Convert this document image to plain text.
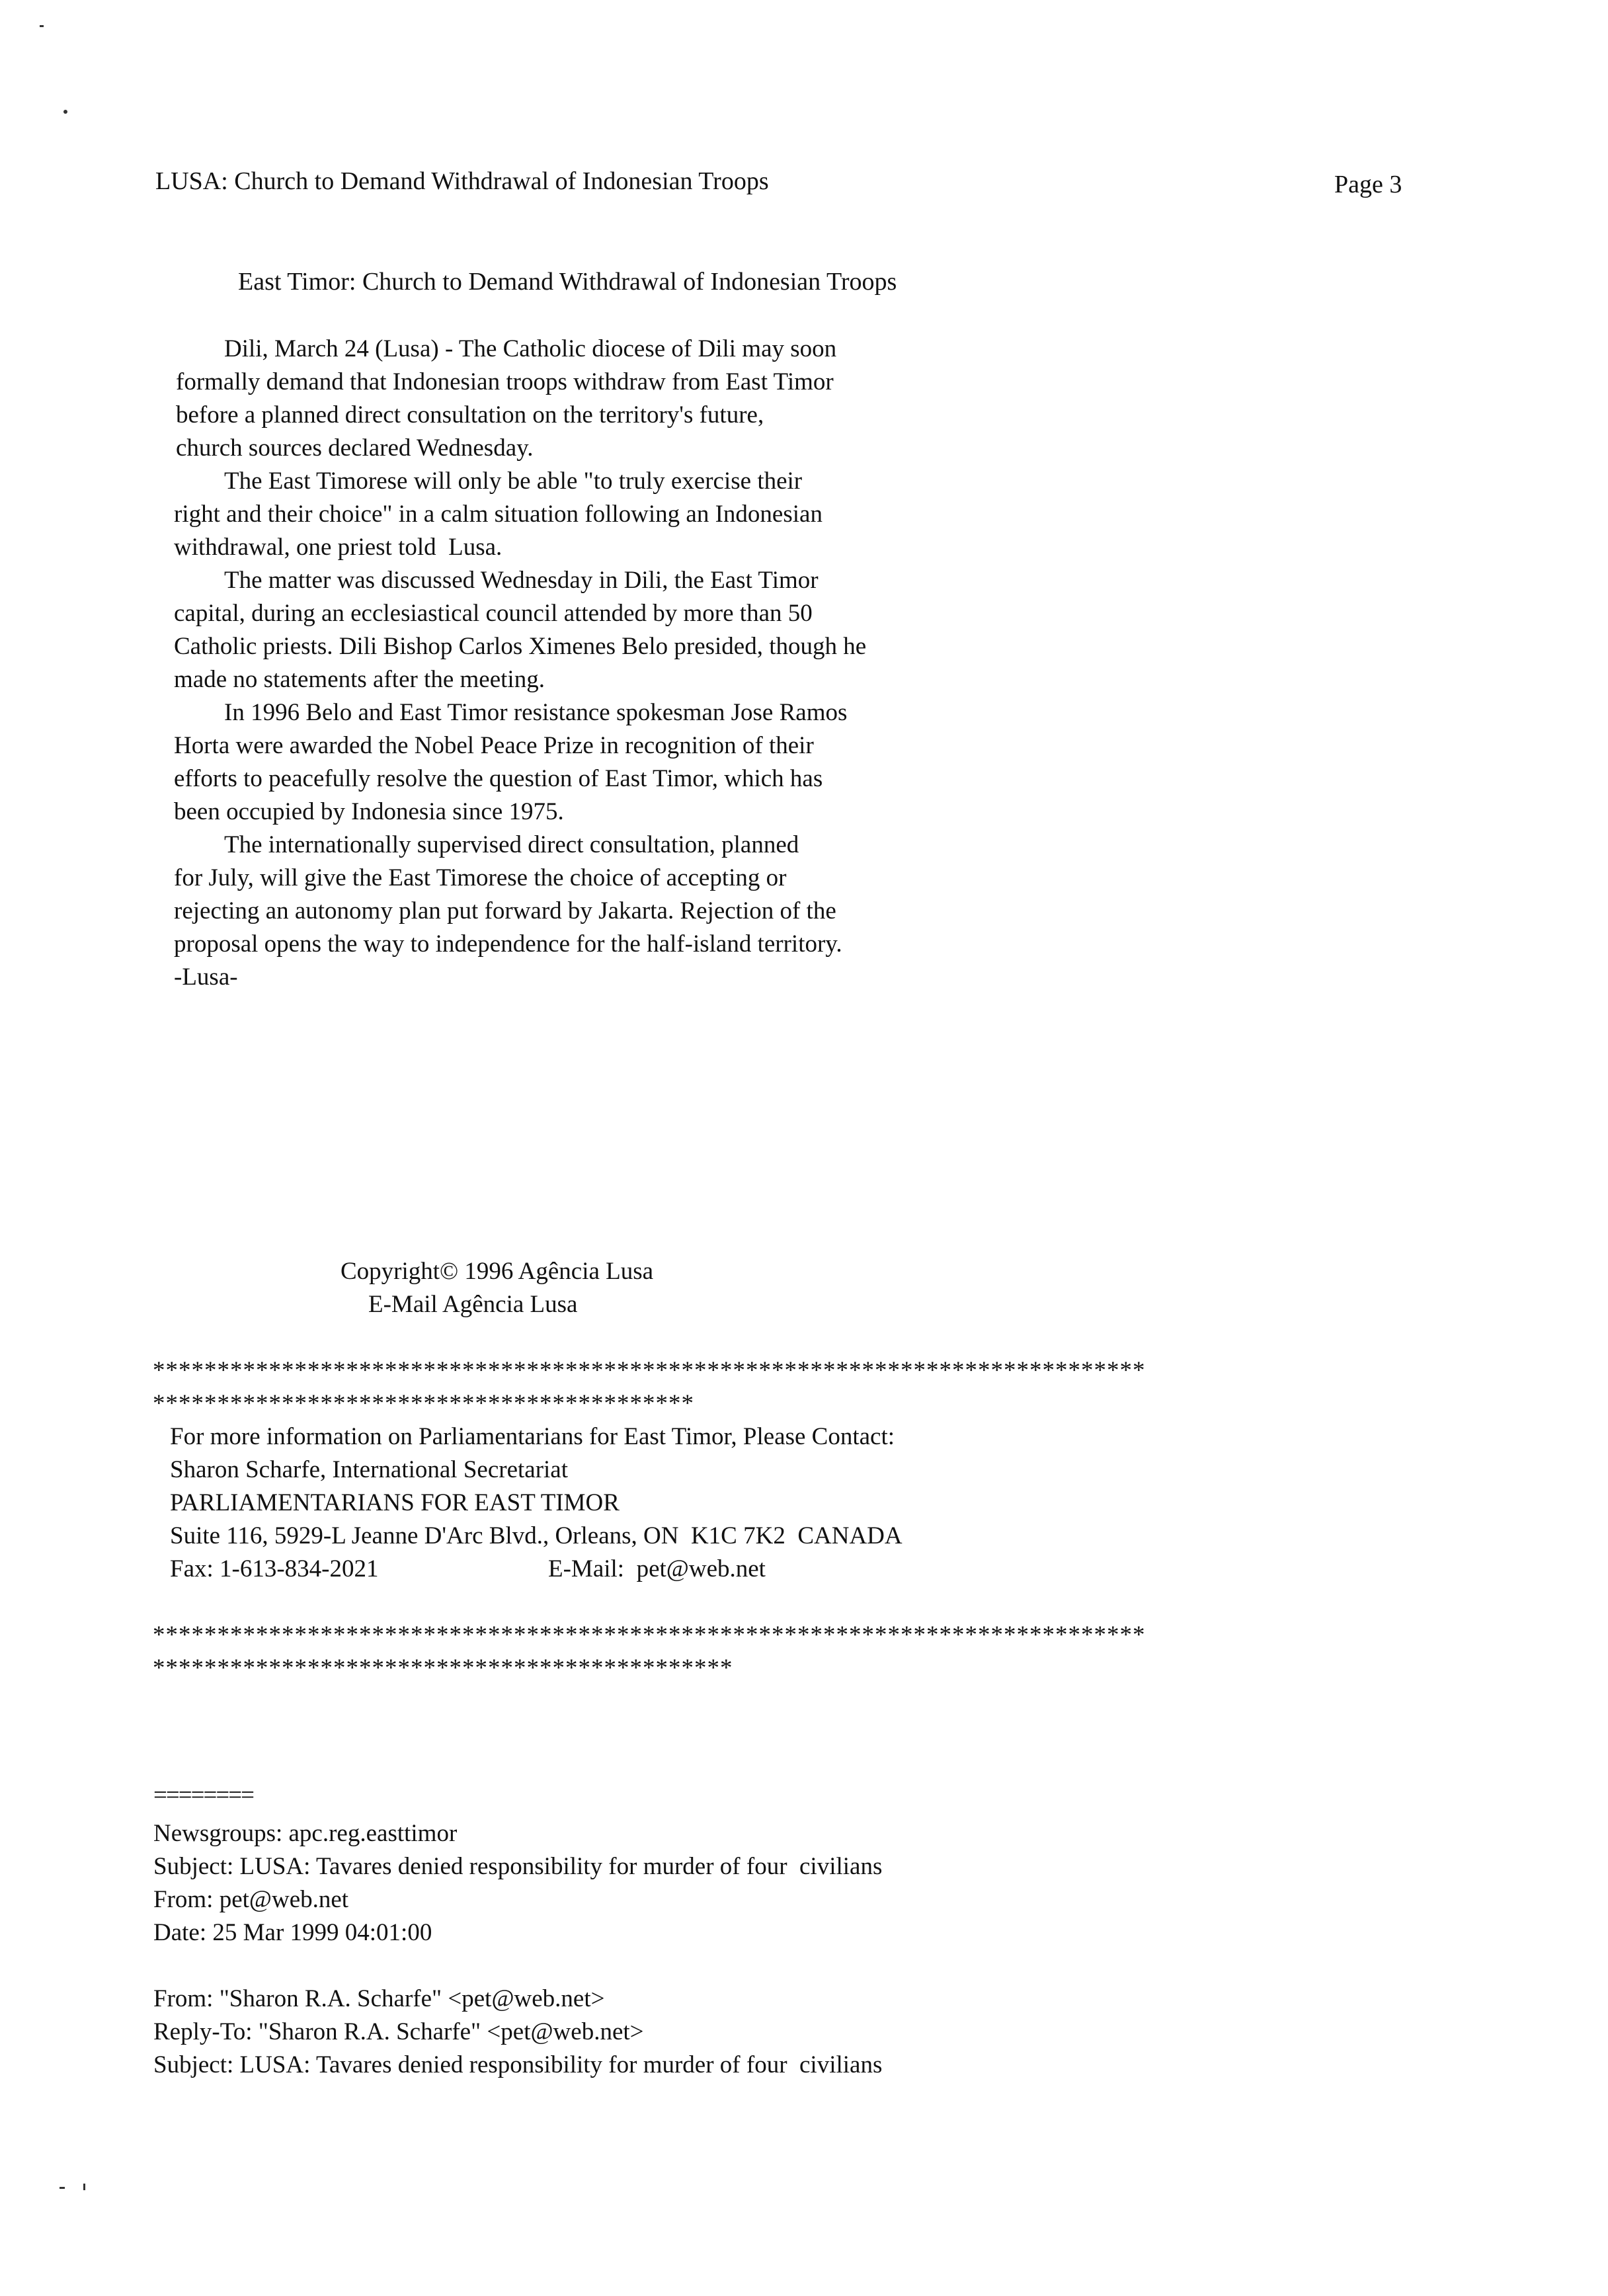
LUSA: Church to Demand Withdrawal of Indonesian Troops	Page 3
East Timor: Church to Demand Withdrawal of Indonesian Troops
Dili, March 24 (Lusa) - The Catholic diocese of Dili may soon
formally demand that Indonesian troops withdraw from East Timor
before a planned direct consultation on the territory's future,
church sources declared Wednesday.
The East Timorese will only be able "to truly exercise their
right and their choice" in a calm situation following an Indonesian
withdrawal, one priest told  Lusa.
The matter was discussed Wednesday in Dili, the East Timor
capital, during an ecclesiastical council attended by more than 50
Catholic priests. Dili Bishop Carlos Ximenes Belo presided, though he
made no statements after the meeting.
In 1996 Belo and East Timor resistance spokesman Jose Ramos
Horta were awarded the Nobel Peace Prize in recognition of their
efforts to peacefully resolve the question of East Timor, which has
been occupied by Indonesia since 1975.
The internationally supervised direct consultation, planned
for July, will give the East Timorese the choice of accepting or
rejecting an autonomy plan put forward by Jakarta. Rejection of the
proposal opens the way to independence for the half-island territory.
-Lusa-
Copyright© 1996 Agência Lusa
E-Mail Agência Lusa
*****************************************************************************
******************************************
For more information on Parliamentarians for East Timor, Please Contact:
Sharon Scharfe, International Secretariat
PARLIAMENTARIANS FOR EAST TIMOR
Suite 116, 5929-L Jeanne D'Arc Blvd., Orleans, ON  K1C 7K2  CANADA
Fax: 1-613-834-2021	E-Mail:  pet@web.net
*****************************************************************************
*********************************************
========
Newsgroups: apc.reg.easttimor
Subject: LUSA: Tavares denied responsibility for murder of four  civilians
From: pet@web.net
Date: 25 Mar 1999 04:01:00
From: "Sharon R.A. Scharfe" <pet@web.net>
Reply-To: "Sharon R.A. Scharfe" <pet@web.net>
Subject: LUSA: Tavares denied responsibility for murder of four  civilians
